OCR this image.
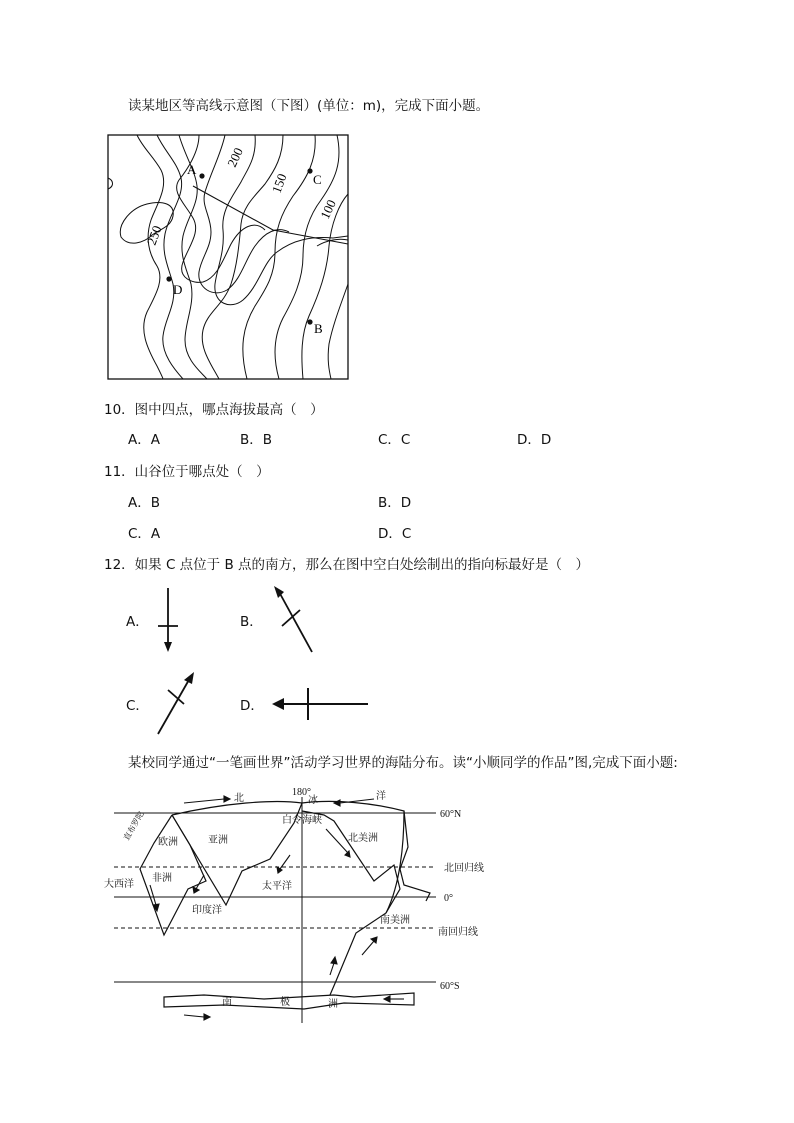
读某地区等高线示意图（下图）(单位：m)，完成下面小题。
A
C
D
B
200
150
100
250
10．图中四点，哪点海拔最高（　）
A．A	B．B	C．C	D．D
11．山谷位于哪点处（　）
A．B	B．D
C．A	D．C
12．如果 C 点位于 B 点的南方，那么在图中空白处绘制出的指向标最好是（　）
A．	B．
C．	D．
某校同学通过“一笔画世界”活动学习世界的海陆分布。读“小顺同学的作品”图,完成下面小题:
180°
60°N
北回归线
0°
南回归线
60°S
北	冰	洋
白令海峡
直布罗陀
欧洲	亚洲
非洲
北美洲
南美洲
大西洋	太平洋
印度洋
南	极	洲
